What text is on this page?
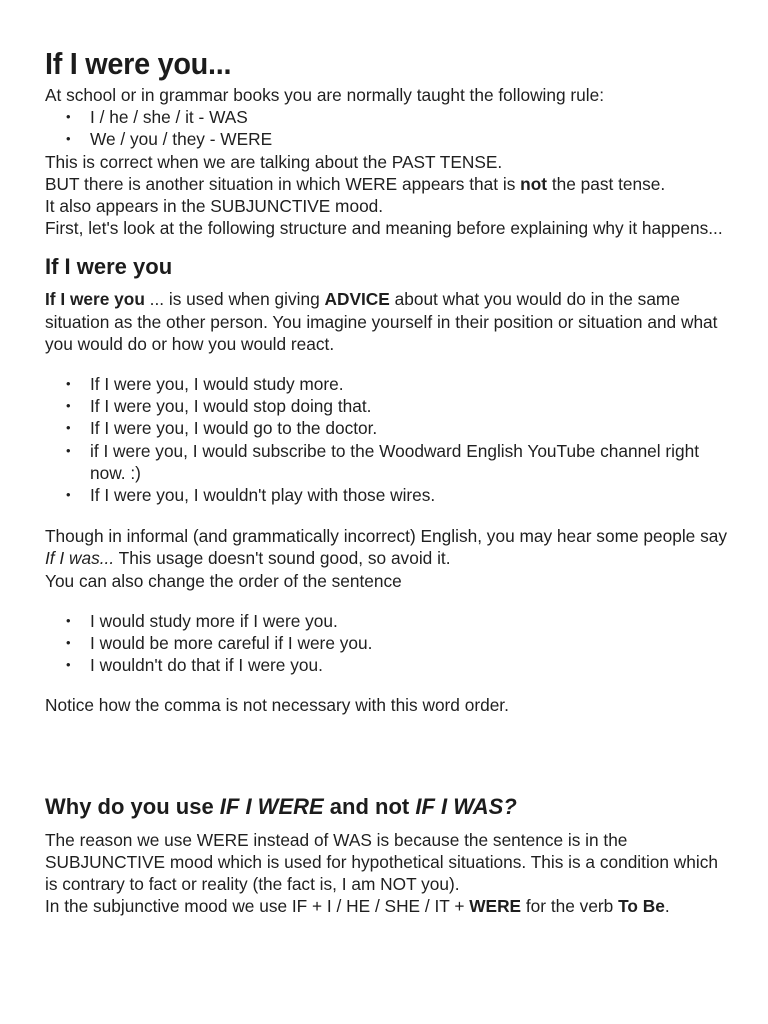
If I were you...

At school or in grammar books you are normally taught the following rule:

• I / he / she / it - WAS
• We / you / they - WERE

This is correct when we are talking about the PAST TENSE.

BUT there is another situation in which WERE appears that is not the past tense.

It also appears in the SUBJUNCTIVE mood.

First, let's look at the following structure and meaning before explaining why it happens...

If I were you

If I were you ... is used when giving ADVICE about what you would do in the same situation as the other person. You imagine yourself in their position or situation and what you would do or how you would react.

• If I were you, I would study more.
• If I were you, I would stop doing that.
• If I were you, I would go to the doctor.
• if I were you, I would subscribe to the Woodward English YouTube channel right now. :)
• If I were you, I wouldn't play with those wires.

Though in informal (and grammatically incorrect) English, you may hear some people say If I was... This usage doesn't sound good, so avoid it.

You can also change the order of the sentence

• I would study more if I were you.
• I would be more careful if I were you.
• I wouldn't do that if I were you.

Notice how the comma is not necessary with this word order.

Why do you use IF I WERE and not IF I WAS?

The reason we use WERE instead of WAS is because the sentence is in the SUBJUNCTIVE mood which is used for hypothetical situations. This is a condition which is contrary to fact or reality (the fact is, I am NOT you).

In the subjunctive mood we use IF + I / HE / SHE / IT + WERE for the verb To Be.
